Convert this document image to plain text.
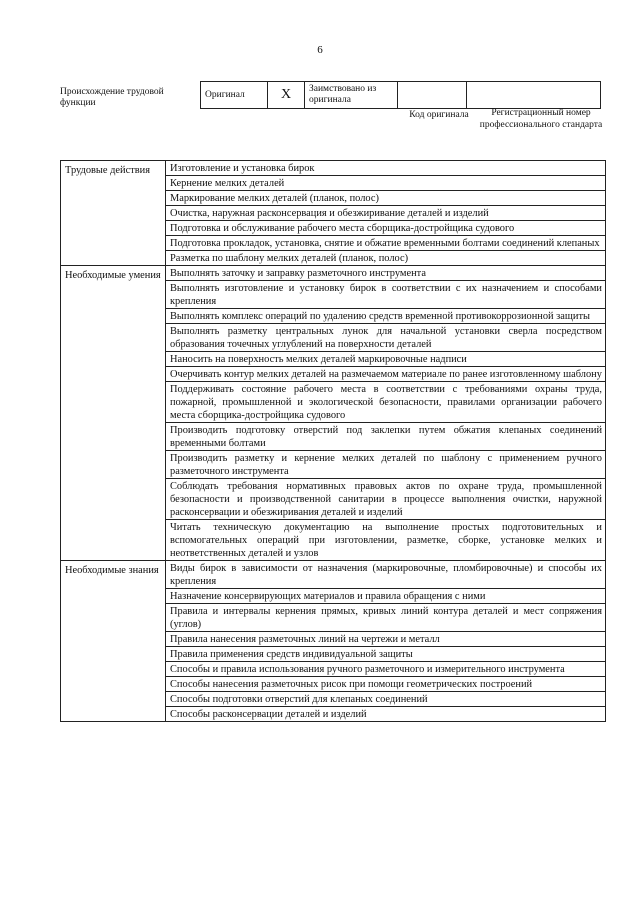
6
Происхождение трудовой функции
Оригинал	X	Заимствовано из оригинала		
Код оригинала	Регистрационный номер профессионального стандарта
Трудовые действия	Изготовление и установка бирок
	Кернение мелких деталей
	Маркирование мелких деталей (планок, полос)
	Очистка, наружная расконсервация и обезжиривание деталей и изделий
	Подготовка и обслуживание рабочего места сборщика-достройщика судового
	Подготовка прокладок, установка, снятие и обжатие временными болтами соединений клепаных
	Разметка по шаблону мелких деталей (планок, полос)
Необходимые умения	Выполнять заточку и заправку разметочного инструмента
	Выполнять изготовление и установку бирок в соответствии с их назначением и способами крепления
	Выполнять комплекс операций по удалению средств временной противокоррозионной защиты
	Выполнять разметку центральных лунок для начальной установки сверла посредством образования точечных углублений на поверхности деталей
	Наносить на поверхность мелких деталей маркировочные надписи
	Очерчивать контур мелких деталей на размечаемом материале по ранее изготовленному шаблону
	Поддерживать состояние рабочего места в соответствии с требованиями охраны труда, пожарной, промышленной и экологической безопасности, правилами организации рабочего места сборщика-достройщика судового
	Производить подготовку отверстий под заклепки путем обжатия клепаных соединений временными болтами
	Производить разметку и кернение мелких деталей по шаблону с применением ручного разметочного инструмента
	Соблюдать требования нормативных правовых актов по охране труда, промышленной безопасности и производственной санитарии в процессе выполнения очистки, наружной расконсервации и обезжиривания деталей и изделий
	Читать техническую документацию на выполнение простых подготовительных и вспомогательных операций при изготовлении, разметке, сборке, установке мелких и неответственных деталей и узлов
Необходимые знания	Виды бирок в зависимости от назначения (маркировочные, пломбировочные) и способы их крепления
	Назначение консервирующих материалов и правила обращения с ними
	Правила и интервалы кернения прямых, кривых линий контура деталей и мест сопряжения (углов)
	Правила нанесения разметочных линий на чертежи и металл
	Правила применения средств индивидуальной защиты
	Способы и правила использования ручного разметочного и измерительного инструмента
	Способы нанесения разметочных рисок при помощи геометрических построений
	Способы подготовки отверстий для клепаных соединений
	Способы расконсервации деталей и изделий
